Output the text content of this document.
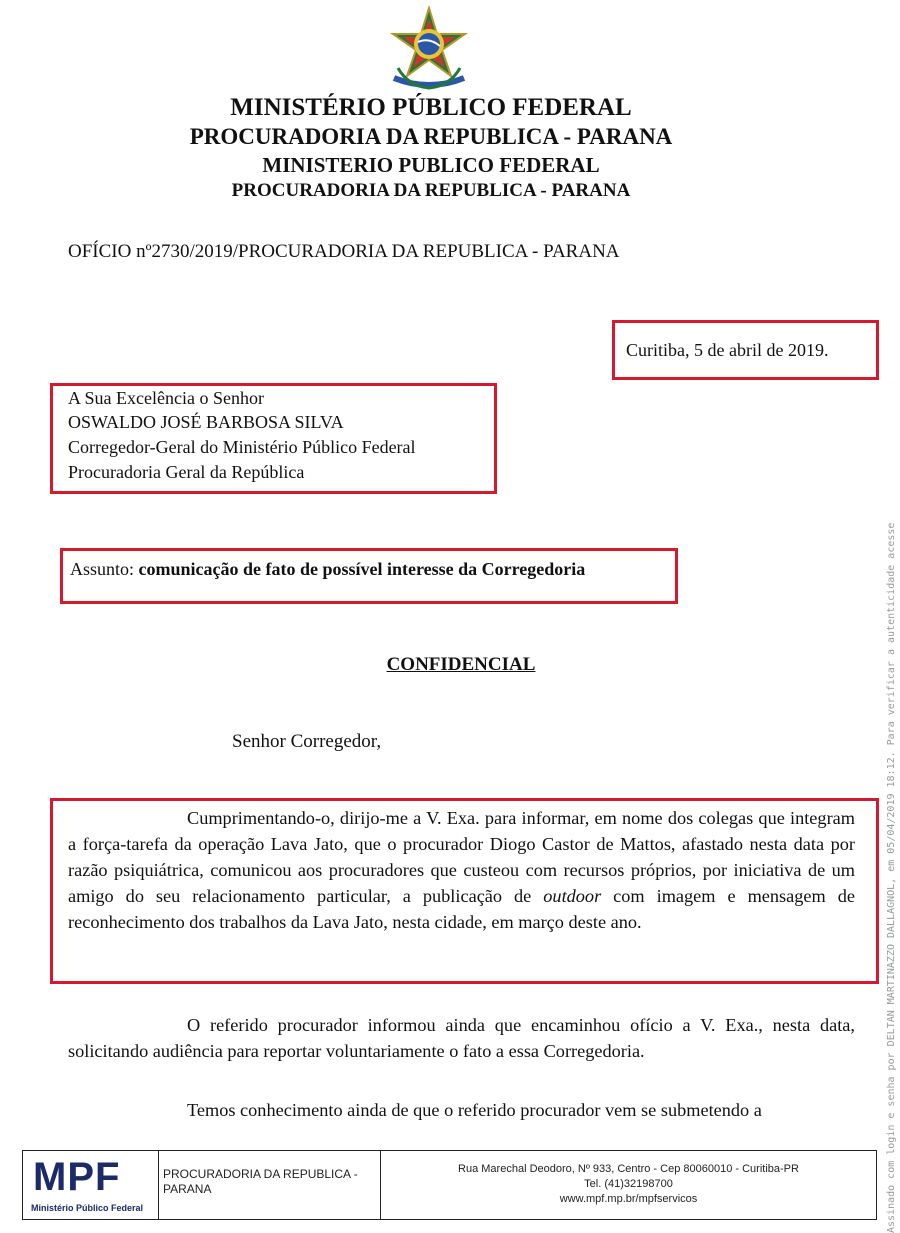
MINISTÉRIO PÚBLICO FEDERAL
PROCURADORIA DA REPUBLICA - PARANA
MINISTERIO PUBLICO FEDERAL
PROCURADORIA DA REPUBLICA - PARANA
OFÍCIO nº2730/2019/PROCURADORIA DA REPUBLICA - PARANA
Curitiba, 5 de abril de 2019.
A Sua Excelência o Senhor
OSWALDO JOSÉ BARBOSA SILVA
Corregedor-Geral do Ministério Público Federal
Procuradoria Geral da República
Assunto: comunicação de fato de possível interesse da Corregedoria
CONFIDENCIAL
Senhor Corregedor,
Cumprimentando-o, dirijo-me a V. Exa. para informar, em nome dos colegas que integram a força-tarefa da operação Lava Jato, que o procurador Diogo Castor de Mattos, afastado nesta data por razão psiquiátrica, comunicou aos procuradores que custeou com recursos próprios, por iniciativa de um amigo do seu relacionamento particular, a publicação de outdoor com imagem e mensagem de reconhecimento dos trabalhos da Lava Jato, nesta cidade, em março deste ano.
O referido procurador informou ainda que encaminhou ofício a V. Exa., nesta data, solicitando audiência para reportar voluntariamente o fato a essa Corregedoria.
Temos conhecimento ainda de que o referido procurador vem se submetendo a	Assinado com login e senha por DELTAN MARTINAZZO DALLAGNOL, em 05/04/2019 18:12. Para verificar a autenticidade acesse
MPF
Ministério Público Federal
PROCURADORIA DA REPUBLICA - PARANA
Rua Marechal Deodoro, Nº 933, Centro - Cep 80060010 - Curitiba-PR
Tel. (41)32198700
www.mpf.mp.br/mpfservicos
